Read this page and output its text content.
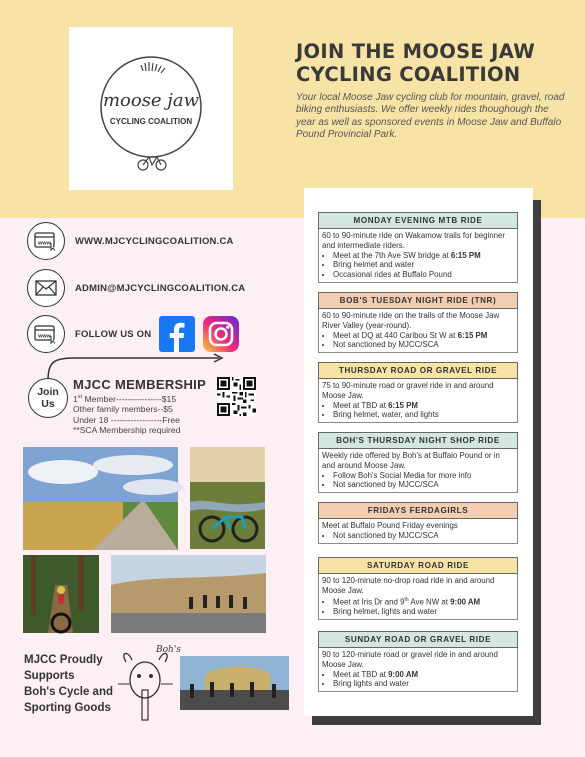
moose jaw
CYCLING COALITION
JOIN THE MOOSE JAW
CYCLING COALITION
Your local Moose Jaw cycling club for mountain, gravel, road biking enthusiasts. We offer weekly rides thoughough the year as well as sponsored events in Moose Jaw and Buffalo Pound Provincial Park.
www	WWW.MJCYCLINGCOALITION.CA
ADMIN@MJCYCLINGCOALITION.CA
www	FOLLOW US ON
Join
Us
MJCC MEMBERSHIP
1st Member----------------$15
Other family members--$5
Under 18 ------------------Free
**SCA Membership required
MJCC Proudly
Supports
Boh's Cycle and
Sporting Goods
Boh's
MONDAY EVENING MTB RIDE
60 to 90-minute ride on Wakamow trails for beginner and intermediate riders.
• Meet at the 7th Ave SW bridge at 6:15 PM
• Bring helmet and water
• Occasional rides at Buffalo Pound
BOB'S TUESDAY NIGHT RIDE (TNR)
60 to 90-minute ride on the trails of the Moose Jaw River Valley (year-round).
• Meet at DQ at 440 Caribou St W at 6:15 PM
• Not sanctioned by MJCC/SCA
THURSDAY ROAD OR GRAVEL RIDE
75 to 90-minute road or gravel ride in and around Moose Jaw.
• Meet at TBD at 6:15 PM
• Bring helmet, water, and lights
BOH'S THURSDAY NIGHT SHOP RIDE
Weekly ride offered by Boh's at Buffalo Pound or in and around Moose Jaw.
• Follow Boh's Social Media for more info
• Not sanctioned by MJCC/SCA
FRIDAYS FERDAGIRLS
Meet at Buffalo Pound Friday evenings
• Not sanctioned by MJCC/SCA
SATURDAY ROAD RIDE
90 to 120-minute no-drop road ride in and around Moose Jaw.
• Meet at Iris Dr and 9th Ave NW at 9:00 AM
• Bring helmet, lights and water
SUNDAY ROAD OR GRAVEL RIDE
90 to 120-minute road or gravel ride in and around Moose Jaw.
• Meet at TBD at 9:00 AM
• Bring lights and water
